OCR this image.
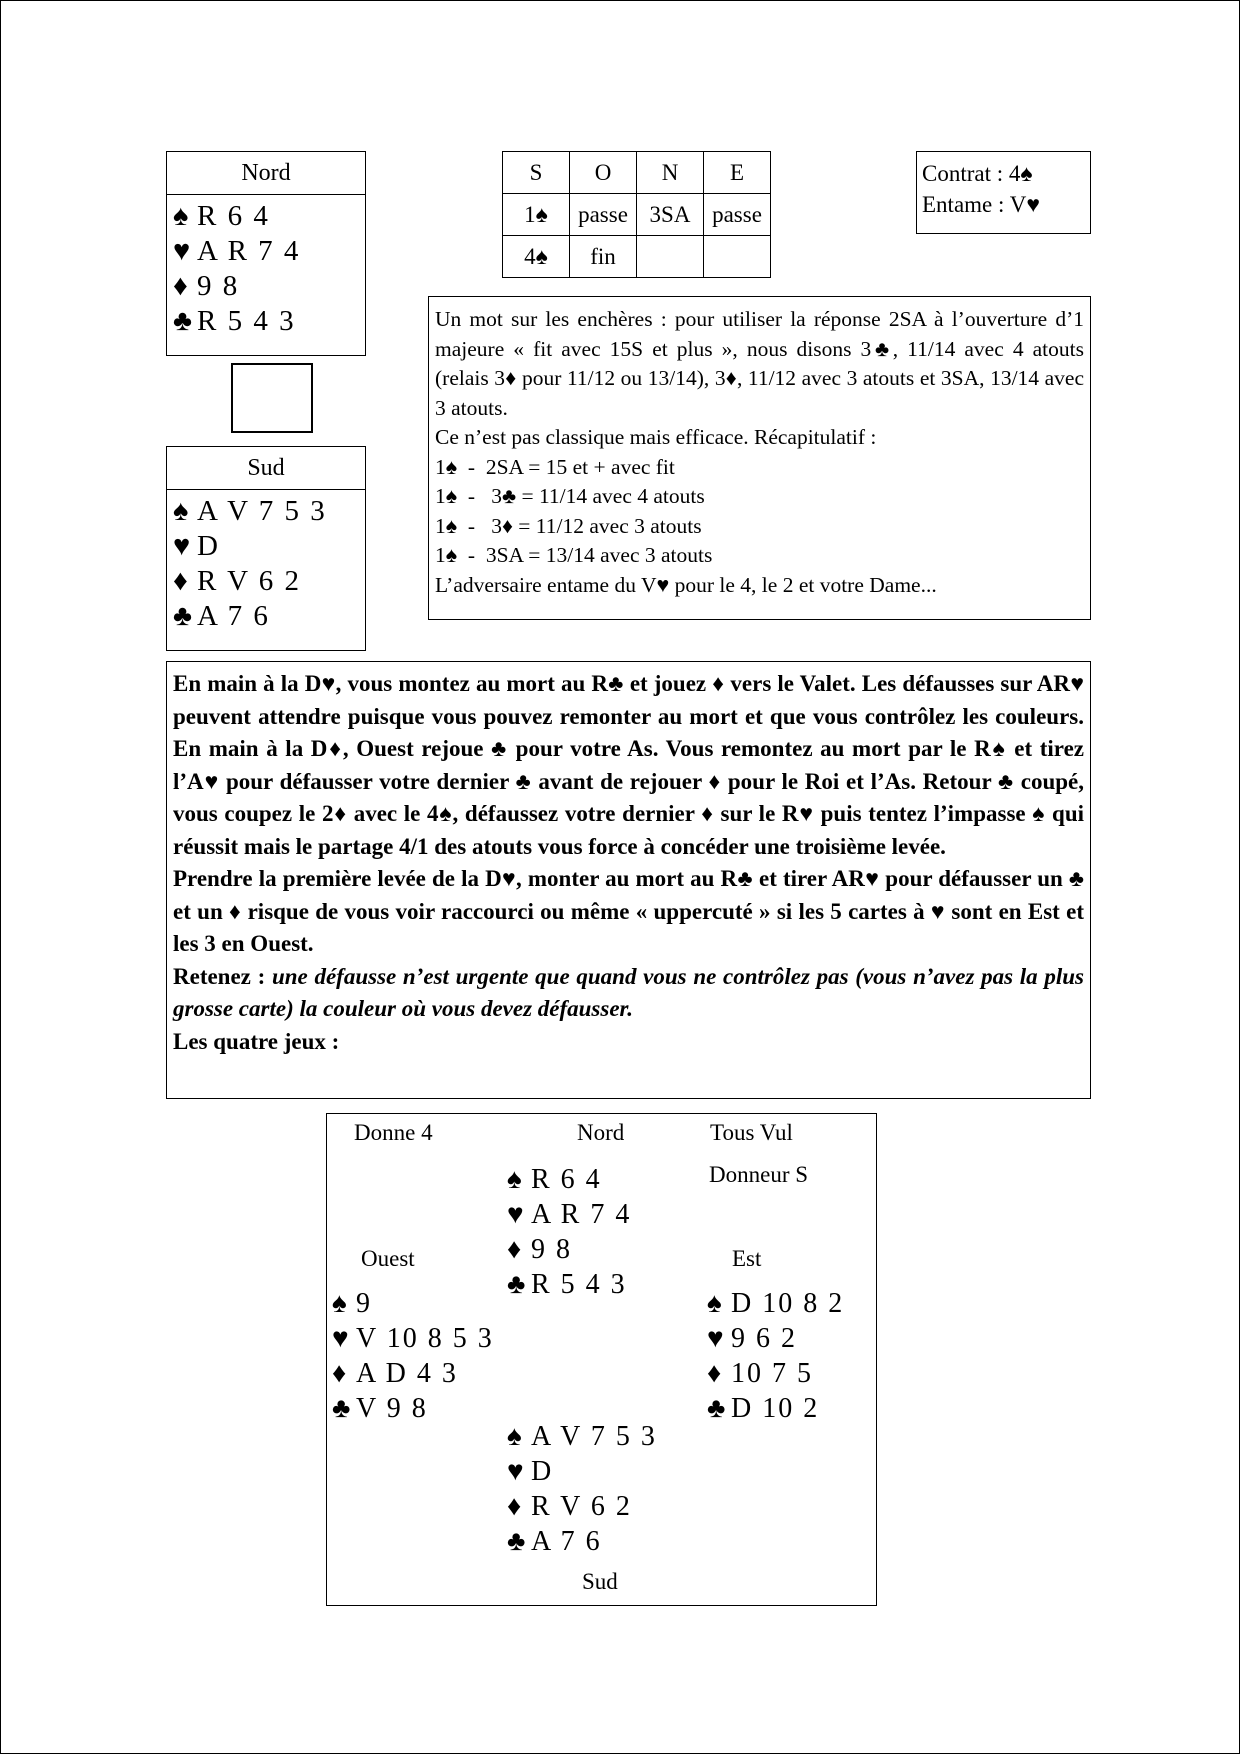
Nord
♠ R 6 4
♥ A R 7 4
♦ 9 8
♣ R 5 4 3
Sud
♠ A V 7 5 3
♥ D
♦ R V 6 2
♣ A 7 6
S	O	N	E
1♠	passe	3SA	passe
4♠	fin		
Contrat : 4♠
Entame : V♥

Un mot sur les enchères : pour utiliser la réponse 2SA à l’ouverture d’1 majeure « fit avec 15S et plus », nous disons 3♣, 11/14 avec 4 atouts (relais 3♦ pour 11/12 ou 13/14), 3♦, 11/12 avec 3 atouts et 3SA, 13/14 avec 3 atouts.

Ce n’est pas classique mais efficace. Récapitulatif :

1♠  -  2SA = 15 et + avec fit

1♠  -   3♣ = 11/14 avec 4 atouts

1♠  -   3♦ = 11/12 avec 3 atouts

1♠  -  3SA = 13/14 avec 3 atouts

L’adversaire entame du V♥ pour le 4, le 2 et votre Dame...

En main à la D♥, vous montez au mort au R♣ et jouez ♦ vers le Valet. Les défausses sur AR♥ peuvent attendre puisque vous pouvez remonter au mort et que vous contrôlez les couleurs. En main à la D♦, Ouest rejoue ♣ pour votre As. Vous remontez au mort par le R♠ et tirez l’A♥ pour défausser votre dernier ♣ avant de rejouer ♦ pour le Roi et l’As. Retour ♣ coupé, vous coupez le 2♦ avec le 4♠, défaussez votre dernier ♦ sur le R♥ puis tentez l’impasse ♠ qui réussit mais le partage 4/1 des atouts vous force à concéder une troisième levée.

Prendre la première levée de la D♥, monter au mort au R♣ et tirer AR♥ pour défausser un ♣ et un ♦ risque de vous voir raccourci ou même « uppercuté » si les 5 cartes à ♥ sont en Est et les 3 en Ouest.

Retenez : une défausse n’est urgente que quand vous ne contrôlez pas (vous n’avez pas la plus grosse carte) la couleur où vous devez défausser.

Les quatre jeux :

Donne 4	Nord	Tous Vul
Donneur S
Ouest	Est
Sud
♠ R 6 4
♥ A R 7 4
♦ 9 8
♣ R 5 4 3
♠ 9
♥ V 10 8 5 3
♦ A D 4 3
♣ V 9 8
♠ D 10 8 2
♥ 9 6 2
♦ 10 7 5
♣ D 10 2
♠ A V 7 5 3
♥ D
♦ R V 6 2
♣ A 7 6
